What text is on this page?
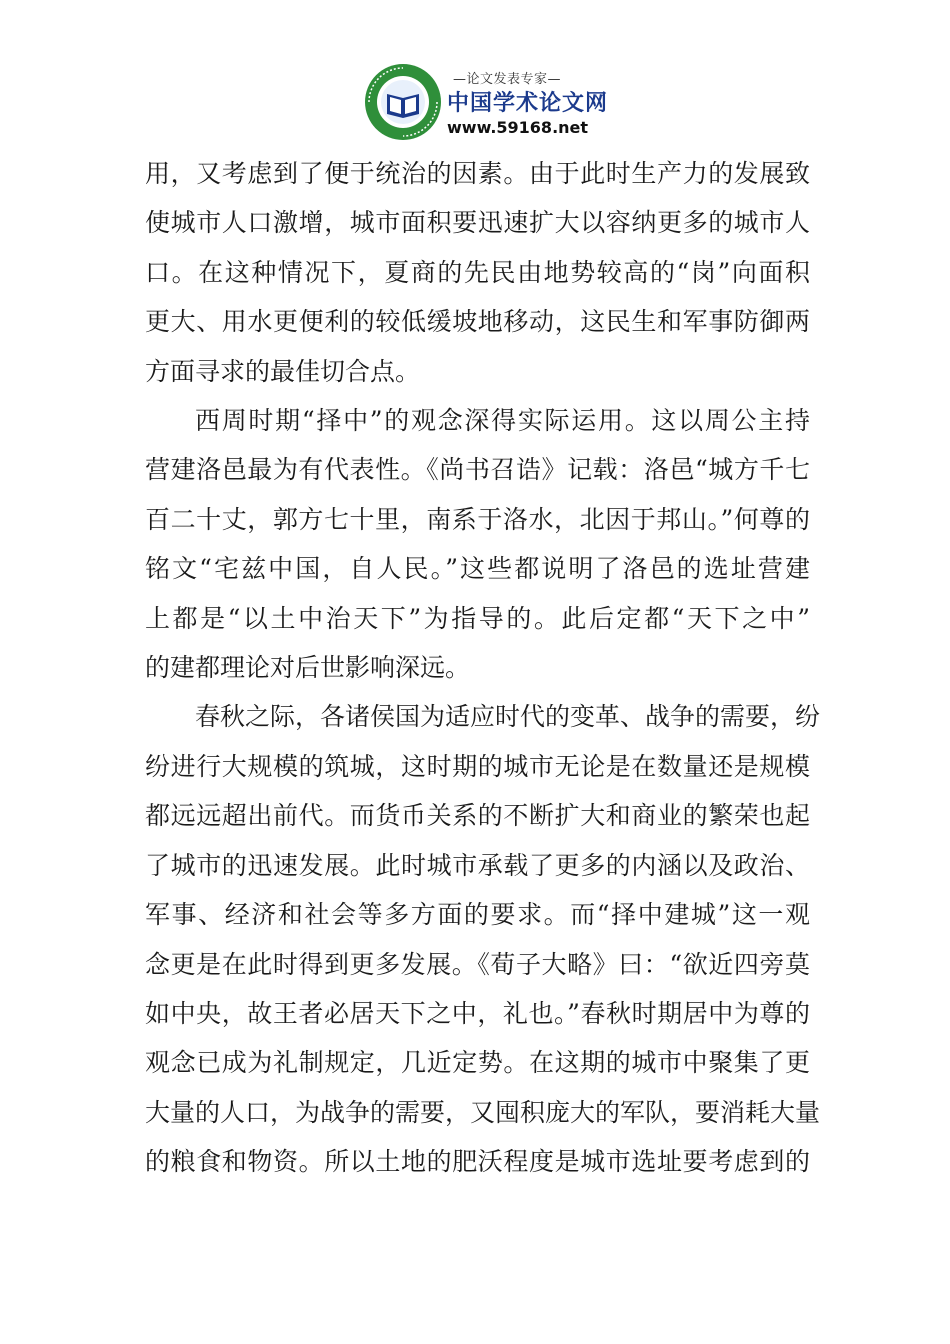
—论文发表专家—
中国学术论文网
www.59168.net

用，又考虑到了便于统治的因素。由于此时生产力的发展致

使城市人口激增，城市面积要迅速扩大以容纳更多的城市人

口。在这种情况下，夏商的先民由地势较高的“岗”向面积

更大、用水更便利的较低缓坡地移动，这民生和军事防御两

方面寻求的最佳切合点。

西周时期“择中”的观念深得实际运用。这以周公主持

营建洛邑最为有代表性。《尚书召诰》记载：洛邑“城方千七

百二十丈，郭方七十里，南系于洛水，北因于邦山。”何尊的

铭文“宅兹中国，自人民。”这些都说明了洛邑的选址营建

上都是“以土中治天下”为指导的。此后定都“天下之中”

的建都理论对后世影响深远。

春秋之际，各诸侯国为适应时代的变革、战争的需要，纷

纷进行大规模的筑城，这时期的城市无论是在数量还是规模

都远远超出前代。而货币关系的不断扩大和商业的繁荣也起

了城市的迅速发展。此时城市承载了更多的内涵以及政治、

军事、经济和社会等多方面的要求。而“择中建城”这一观

念更是在此时得到更多发展。《荀子大略》曰：“欲近四旁莫

如中央，故王者必居天下之中，礼也。”春秋时期居中为尊的

观念已成为礼制规定，几近定势。在这期的城市中聚集了更

大量的人口，为战争的需要，又囤积庞大的军队，要消耗大量

的粮食和物资。所以土地的肥沃程度是城市选址要考虑到的
